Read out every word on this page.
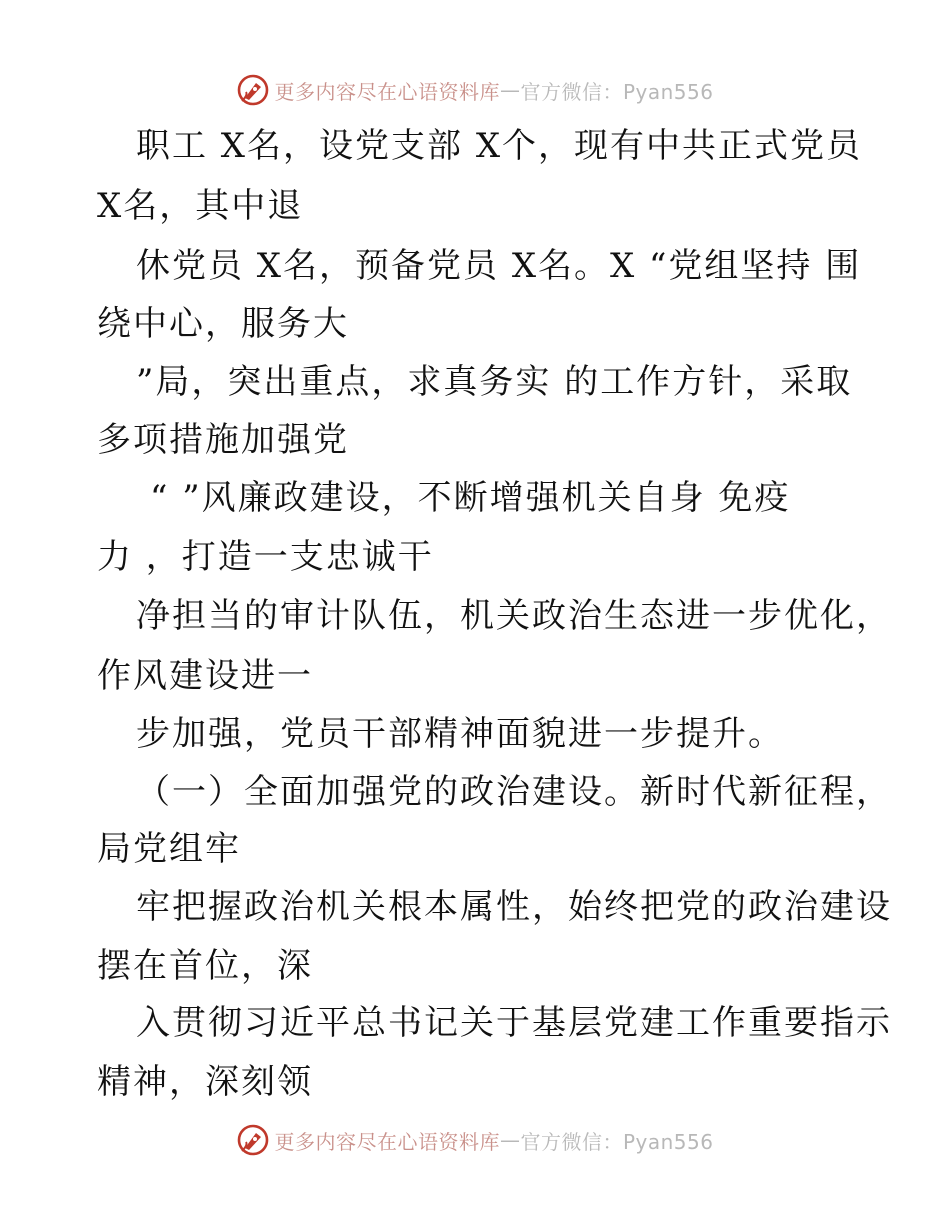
更多内容尽在心语资料库 — 官方微信：Pyan556
职工 X名，设党支部 X个，现有中共正式党员
X名，其中退
休党员 X名，预备党员 X名。X “党组坚持 围
绕中心，服务大
”局，突出重点，求真务实 的工作方针，采取
多项措施加强党
“ ”风廉政建设，不断增强机关自身 免疫
力 ，打造一支忠诚干
净担当的审计队伍，机关政治生态进一步优化，
作风建设进一
步加强，党员干部精神面貌进一步提升。
（一）全面加强党的政治建设。新时代新征程，
局党组牢
牢把握政治机关根本属性，始终把党的政治建设
摆在首位，深
入贯彻习近平总书记关于基层党建工作重要指示
精神，深刻领
更多内容尽在心语资料库 — 官方微信：Pyan556
